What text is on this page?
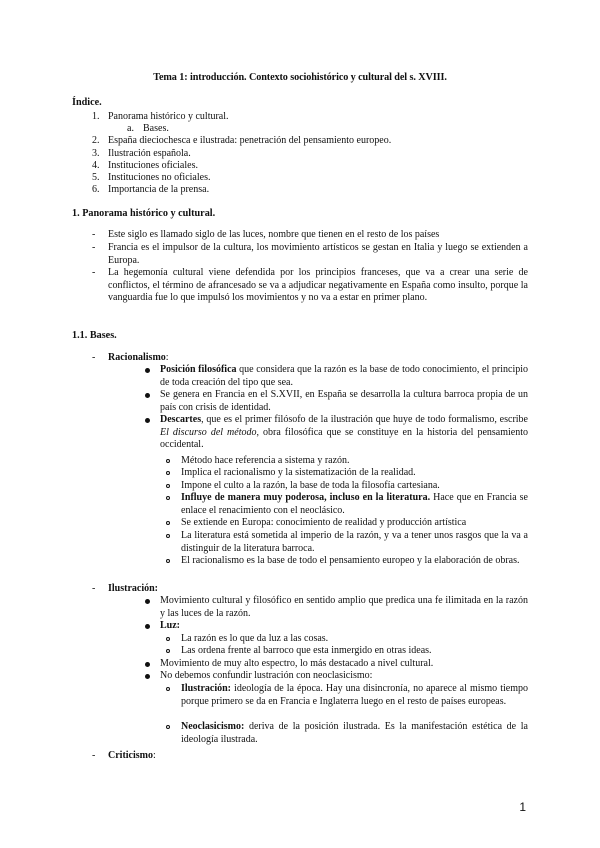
Tema 1: introducción. Contexto sociohistórico y cultural del s. XVIII.
Índice.
1. Panorama histórico y cultural.
a. Bases.
2. España dieciochesca e ilustrada: penetración del pensamiento europeo.
3. Ilustración española.
4. Instituciones oficiales.
5. Instituciones no oficiales.
6. Importancia de la prensa.
1. Panorama histórico y cultural.
- Este siglo es llamado siglo de las luces, nombre que tienen en el resto de los países
- Francia es el impulsor de la cultura, los movimiento artísticos se gestan en Italia y luego se extienden a Europa.
- La hegemonía cultural viene defendida por los principios franceses, que va a crear una serie de conflictos, el término de afrancesado se va a adjudicar negativamente en España como insulto, porque la vanguardia fue lo que impulsó los movimientos y no va a estar en primer plano.
1.1. Bases.
- Racionalismo:
Posición filosófica que considera que la razón es la base de todo conocimiento, el principio de toda creación del tipo que sea.
Se genera en Francia en el S.XVII, en España se desarrolla la cultura barroca propia de un país con crisis de identidad.
Descartes, que es el primer filósofo de la ilustración que huye de todo formalismo, escribe El discurso del método, obra filosófica que se constituye en la historia del pensamiento occidental.
Método hace referencia a sistema y razón.
Implica el racionalismo y la sistematización de la realidad.
Impone el culto a la razón, la base de toda la filosofía cartesiana.
Influye de manera muy poderosa, incluso en la literatura. Hace que en Francia se enlace el renacimiento con el neoclásico.
Se extiende en Europa: conocimiento de realidad y producción artística
La literatura está sometida al imperio de la razón, y va a tener unos rasgos que la va a distinguir de la literatura barroca.
El racionalismo es la base de todo el pensamiento europeo y la elaboración de obras.
- Ilustración:
Movimiento cultural y filosófico en sentido amplio que predica una fe ilimitada en la razón y las luces de la razón.
Luz:
La razón es lo que da luz a las cosas.
Las ordena frente al barroco que esta inmergido en otras ideas.
Movimiento de muy alto espectro, lo más destacado a nivel cultural.
No debemos confundir lustración con neoclasicismo:
Ilustración: ideología de la época. Hay una disincronía, no aparece al mismo tiempo porque primero se da en Francia e Inglaterra luego en el resto de países europeas.
Neoclasicismo: deriva de la posición ilustrada. Es la manifestación estética de la ideología ilustrada.
- Criticismo:
1
